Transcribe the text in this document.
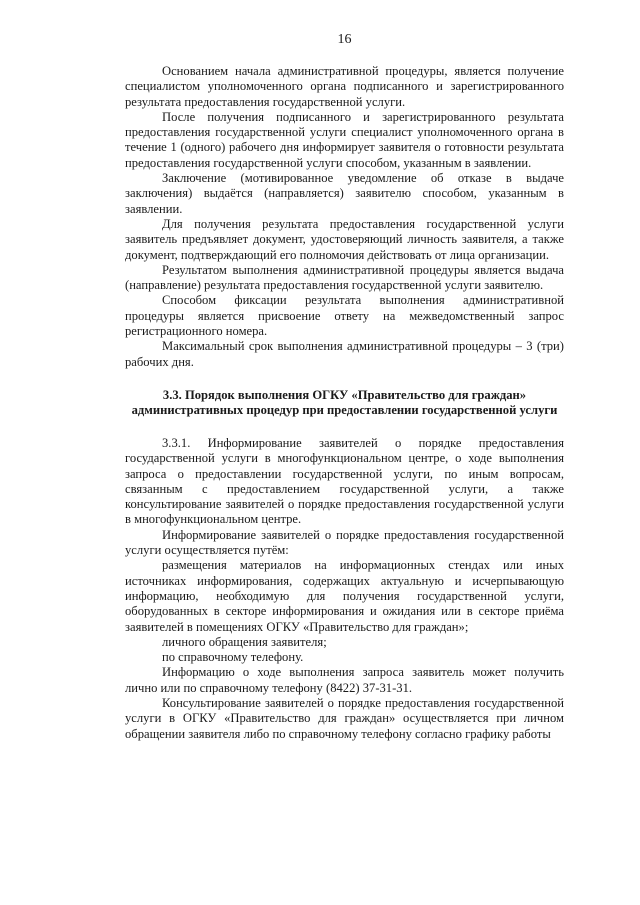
16

Основанием начала административной процедуры, является получение специалистом уполномоченного органа подписанного и зарегистрированного результата предоставления государственной услуги.

После получения подписанного и зарегистрированного результата предоставления государственной услуги специалист уполномоченного органа в течение 1 (одного) рабочего дня информирует заявителя о готовности результата предоставления государственной услуги способом, указанным в заявлении.

Заключение (мотивированное уведомление об отказе в выдаче заключения) выдаётся (направляется) заявителю способом, указанным в заявлении.

Для получения результата предоставления государственной услуги заявитель предъявляет документ, удостоверяющий личность заявителя, а также документ, подтверждающий его полномочия действовать от лица организации.

Результатом выполнения административной процедуры является выдача (направление) результата предоставления государственной услуги заявителю.

Способом фиксации результата выполнения административной процедуры является присвоение ответу на межведомственный запрос регистрационного номера.

Максимальный срок выполнения административной процедуры – 3 (три) рабочих дня.

3.3. Порядок выполнения ОГКУ «Правительство для граждан»
административных процедур при предоставлении государственной услуги

3.3.1. Информирование заявителей о порядке предоставления государственной услуги в многофункциональном центре, о ходе выполнения запроса о предоставлении государственной услуги, по иным вопросам, связанным с предоставлением государственной услуги, а также консультирование заявителей о порядке предоставления государственной услуги в многофункциональном центре.

Информирование заявителей о порядке предоставления государственной услуги осуществляется путём:

размещения материалов на информационных стендах или иных источниках информирования, содержащих актуальную и исчерпывающую информацию, необходимую для получения государственной услуги, оборудованных в секторе информирования и ожидания или в секторе приёма заявителей в помещениях ОГКУ «Правительство для граждан»;

личного обращения заявителя;

по справочному телефону.

Информацию о ходе выполнения запроса заявитель может получить лично или по справочному телефону (8422) 37-31-31.

Консультирование заявителей о порядке предоставления государственной услуги в ОГКУ «Правительство для граждан» осуществляется при личном обращении заявителя либо по справочному телефону согласно графику работы
